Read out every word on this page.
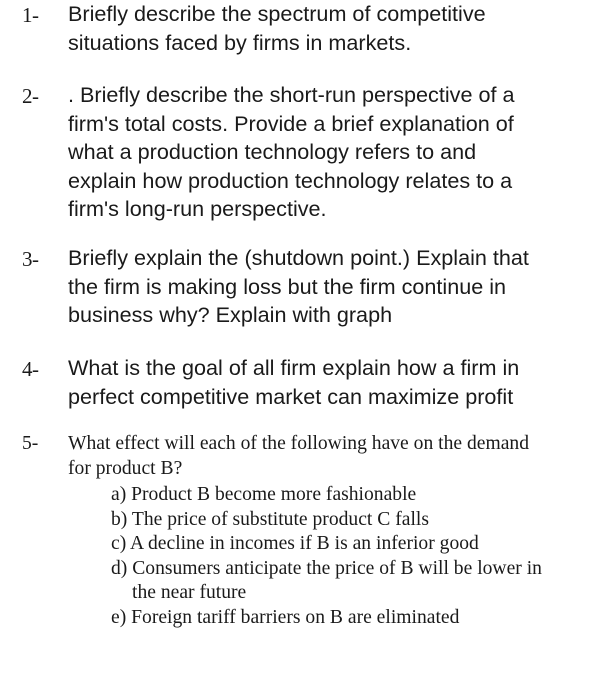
1- Briefly describe the spectrum of competitive
situations faced by firms in markets.
2- . Briefly describe the short-run perspective of a
firm's total costs. Provide a brief explanation of
what a production technology refers to and
explain how production technology relates to a
firm's long-run perspective.
3- Briefly explain the (shutdown point.) Explain that
the firm is making loss but the firm continue in
business why? Explain with graph
4- What is the goal of all firm explain how a firm in
perfect competitive market can maximize profit
5- What effect will each of the following have on the demand
for product B?
a) Product B become more fashionable
b) The price of substitute product C falls
c) A decline in incomes if B is an inferior good
d) Consumers anticipate the price of B will be lower in
the near future
e) Foreign tariff barriers on B are eliminated
